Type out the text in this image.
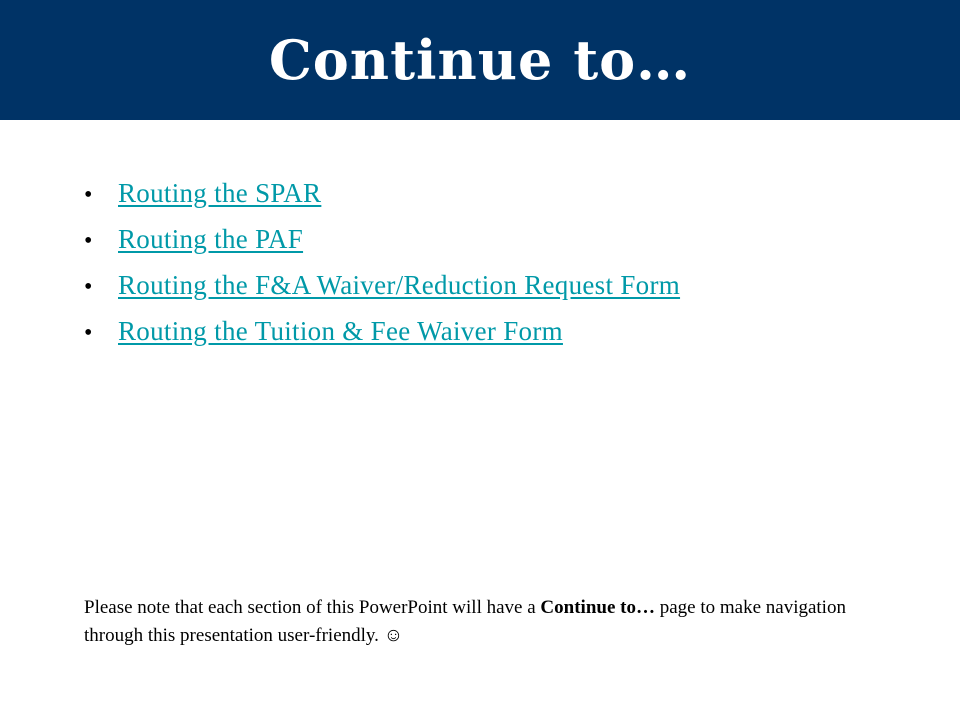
Continue to…
• Routing the SPAR
• Routing the PAF
• Routing the F&A Waiver/Reduction Request Form
• Routing the Tuition & Fee Waiver Form

Please note that each section of this PowerPoint will have a Continue to… page to make navigation through this presentation user-friendly. ☺
